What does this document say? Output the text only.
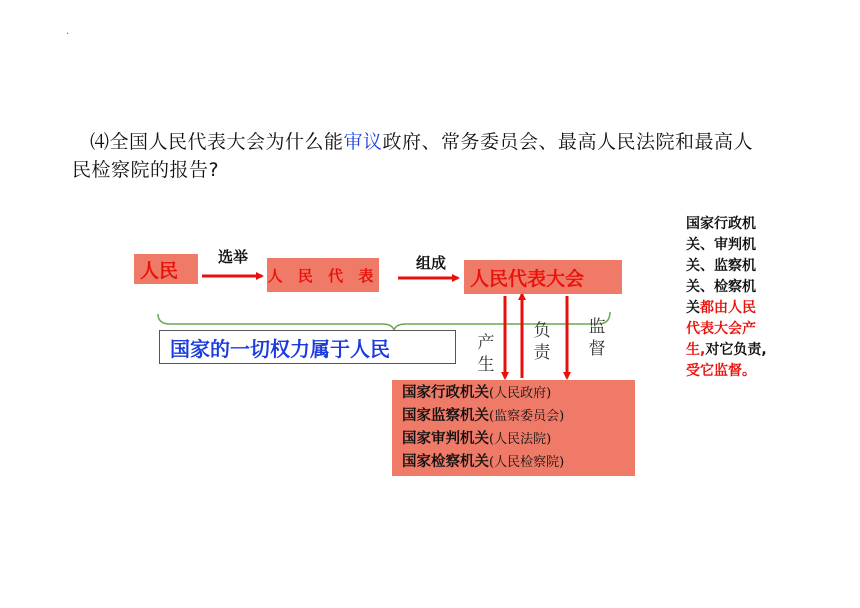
.
⑷全国人民代表大会为什么能审议政府、常务委员会、最高人民法院和最高人民检察院的报告?
人民
选举
人 民 代 表
组成
人民代表大会
国家的一切权力属于人民	产
生
负
责
监
督
国家行政机关(人民政府)
国家监察机关(监察委员会)
国家审判机关(人民法院)
国家检察机关(人民检察院)
国家行政机关、审判机关、监察机关、检察机关都由人民代表大会产生,对它负责,受它监督。
